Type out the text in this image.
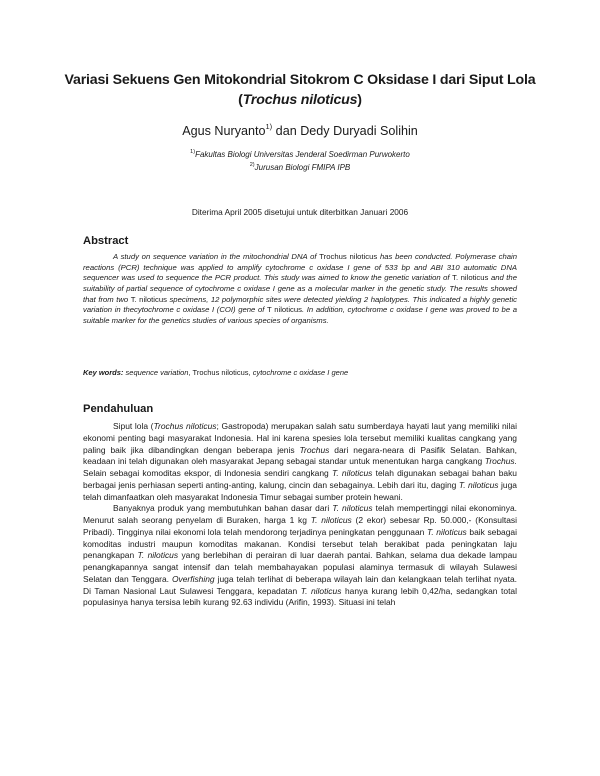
Variasi Sekuens Gen Mitokondrial Sitokrom C Oksidase I dari Siput Lola
(Trochus niloticus)
Agus Nuryanto$^{1)}$ dan Dedy Duryadi Solihin
$^{1)}$Fakultas Biologi Universitas Jenderal Soedirman Purwokerto
$^{2)}$Jurusan Biologi FMIPA IPB
Diterima April 2005 disetujui untuk diterbitkan Januari 2006
Abstract

A study on sequence variation in the mitochondrial DNA of Trochus niloticus has been conducted. Polymerase chain reactions (PCR) technique was applied to amplify cytochrome c oxidase I gene of 533 bp and ABI 310 automatic DNA sequencer was used to sequence the PCR product. This study was aimed to know the genetic variation of T. niloticus and the suitability of partial sequence of cytochrome c oxidase I gene as a molecular marker in the genetic study. The results showed that from two T. niloticus specimens, 12 polymorphic sites were detected yielding 2 haplotypes. This indicated a highly genetic variation in thecytochrome c oxidase I (COI) gene of T niloticus. In addition, cytochrome c oxidase I gene was proved to be a suitable marker for the genetics studies of various species of organisms.

Key words: sequence variation, Trochus niloticus, cytochrome c oxidase I gene
Pendahuluan

Siput lola (Trochus niloticus; Gastropoda) merupakan salah satu sumberdaya hayati laut yang memiliki nilai ekonomi penting bagi masyarakat Indonesia. Hal ini karena spesies lola tersebut memiliki kualitas cangkang yang paling baik jika dibandingkan dengan beberapa jenis Trochus dari negara-neara di Pasifik Selatan. Bahkan, keadaan ini telah digunakan oleh masyarakat Jepang sebagai standar untuk menentukan harga cangkang Trochus. Selain sebagai komoditas ekspor, di Indonesia sendiri cangkang T. niloticus telah digunakan sebagai bahan baku berbagai jenis perhiasan seperti anting-anting, kalung, cincin dan sebagainya. Lebih dari itu, daging T. niloticus juga telah dimanfaatkan oleh masyarakat Indonesia Timur sebagai sumber protein hewani.

Banyaknya produk yang membutuhkan bahan dasar dari T. niloticus telah mempertinggi nilai ekonominya. Menurut salah seorang penyelam di Buraken, harga 1 kg T. niloticus (2 ekor) sebesar Rp. 50.000,- (Konsultasi Pribadi). Tingginya nilai ekonomi lola telah mendorong terjadinya peningkatan penggunaan T. niloticus baik sebagai komoditas industri maupun komoditas makanan. Kondisi tersebut telah berakibat pada peningkatan laju penangkapan T. niloticus yang berlebihan di perairan di luar daerah pantai. Bahkan, selama dua dekade lampau penangkapannya sangat intensif dan telah membahayakan populasi alaminya termasuk di wilayah Sulawesi Selatan dan Tenggara. Overfishing juga telah terlihat di beberapa wilayah lain dan kelangkaan telah terlihat nyata. Di Taman Nasional Laut Sulawesi Tenggara, kepadatan T. niloticus hanya kurang lebih 0,42/ha, sedangkan total populasinya hanya tersisa lebih kurang 92.63 individu (Arifin, 1993). Situasi ini telah
